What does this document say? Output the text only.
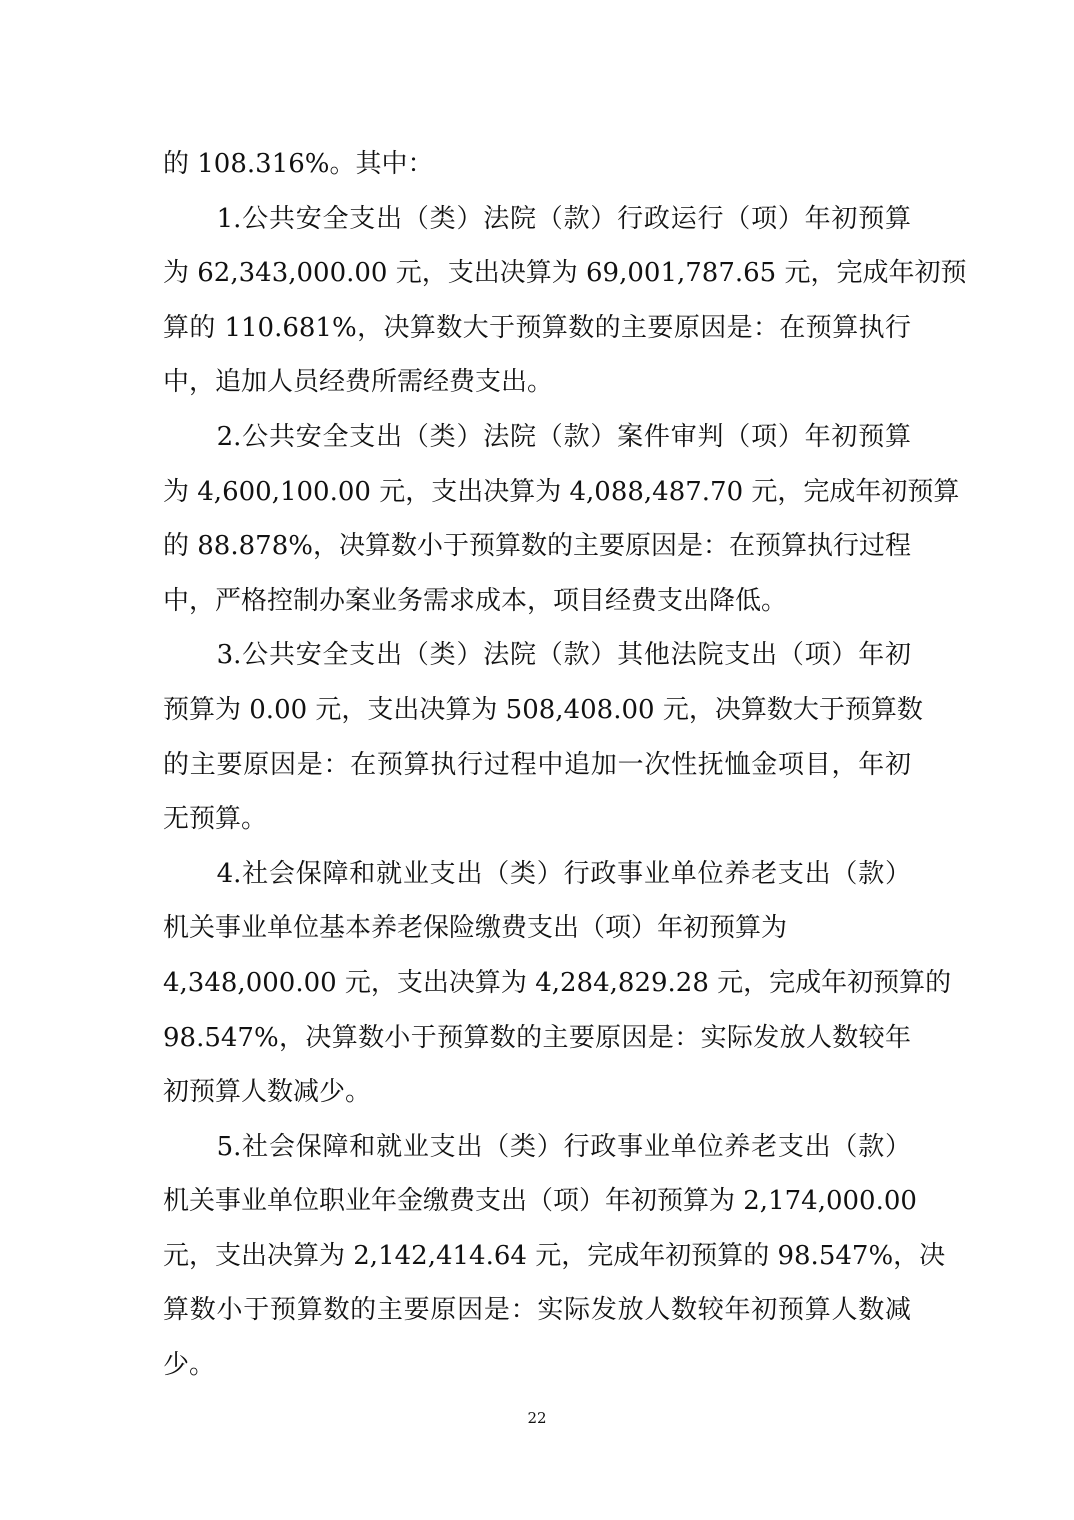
的 108.316%。其中：
　　1.公共安全支出（类）法院（款）行政运行（项）年初预算
为 62,343,000.00 元，支出决算为 69,001,787.65 元，完成年初预
算的 110.681%，决算数大于预算数的主要原因是：在预算执行
中，追加人员经费所需经费支出。
　　2.公共安全支出（类）法院（款）案件审判（项）年初预算
为 4,600,100.00 元，支出决算为 4,088,487.70 元，完成年初预算
的 88.878%，决算数小于预算数的主要原因是：在预算执行过程
中，严格控制办案业务需求成本，项目经费支出降低。
　　3.公共安全支出（类）法院（款）其他法院支出（项）年初
预算为 0.00 元，支出决算为 508,408.00 元，决算数大于预算数
的主要原因是：在预算执行过程中追加一次性抚恤金项目，年初
无预算。
　　4.社会保障和就业支出（类）行政事业单位养老支出（款）
机关事业单位基本养老保险缴费支出（项）年初预算为
4,348,000.00 元，支出决算为 4,284,829.28 元，完成年初预算的
98.547%，决算数小于预算数的主要原因是：实际发放人数较年
初预算人数减少。
　　5.社会保障和就业支出（类）行政事业单位养老支出（款）
机关事业单位职业年金缴费支出（项）年初预算为 2,174,000.00
元，支出决算为 2,142,414.64 元，完成年初预算的 98.547%，决
算数小于预算数的主要原因是：实际发放人数较年初预算人数减
少。
22
